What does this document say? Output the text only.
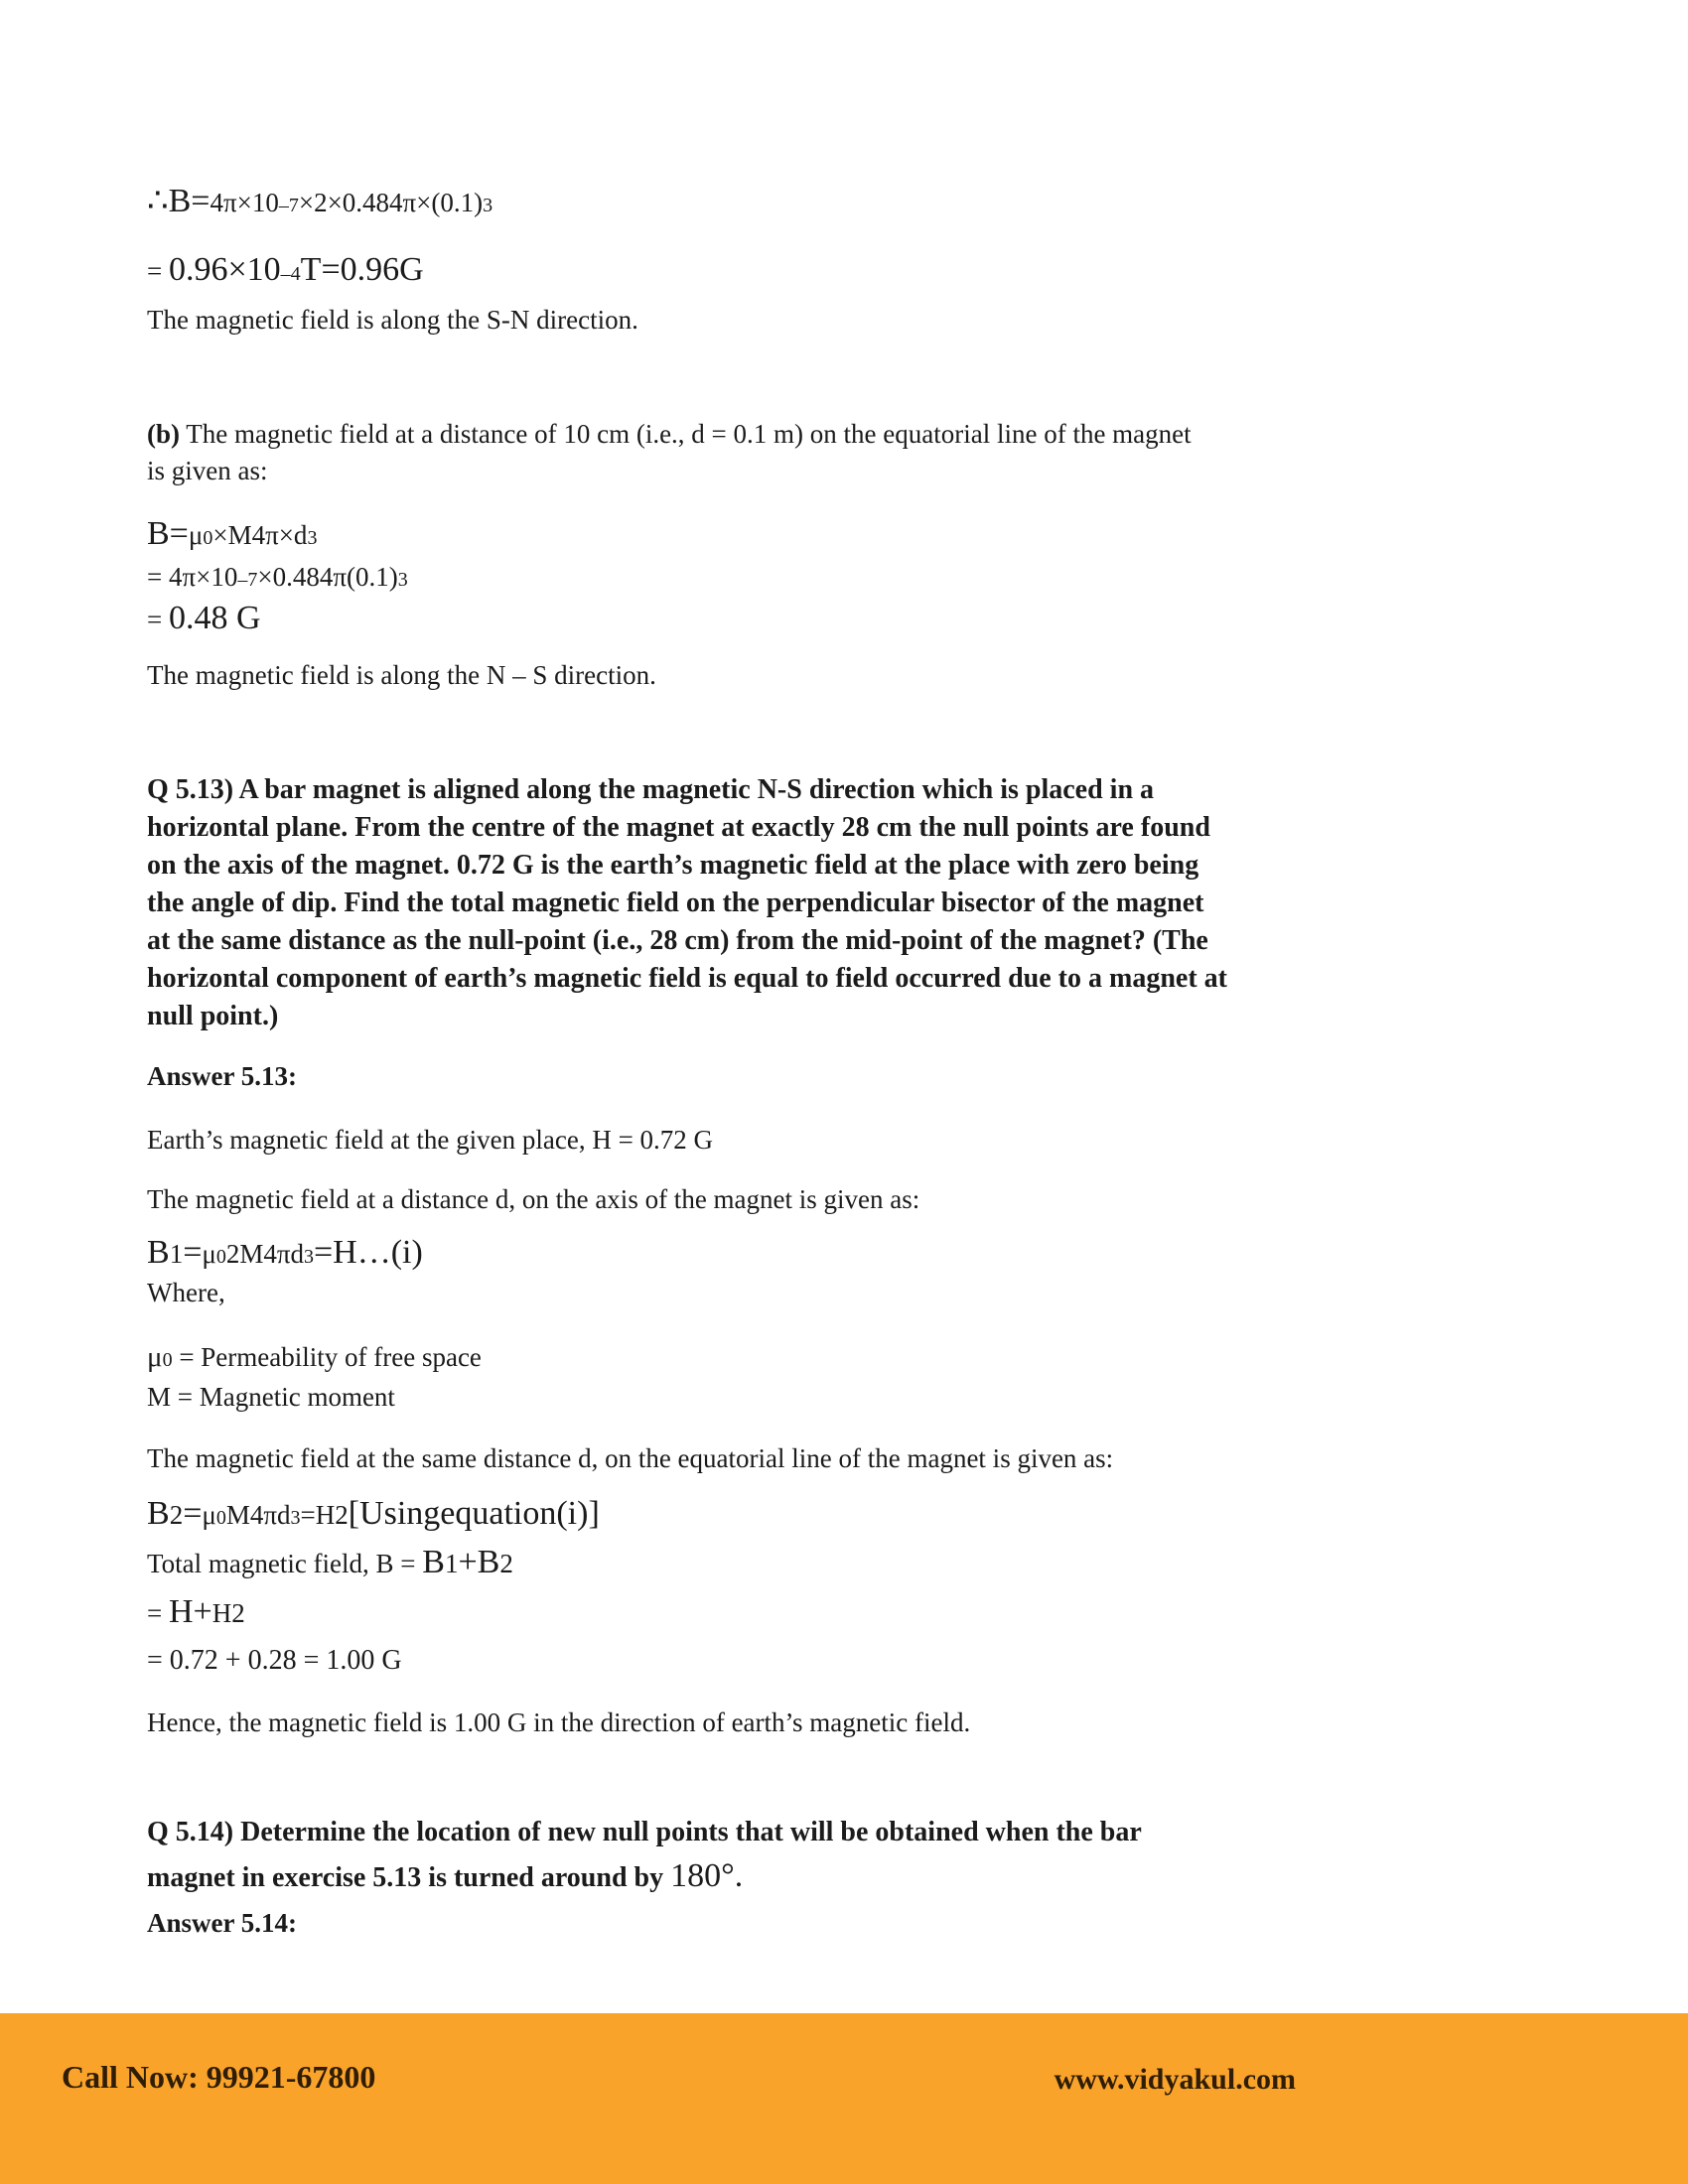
∴B=4π×10–7×2×0.484π×(0.1)3
= 0.96×10–4T=0.96G
The magnetic field is along the S-N direction.
(b) The magnetic field at a distance of 10 cm (i.e., d = 0.1 m) on the equatorial line of the magnet
is given as:
B=μ0×M4π×d3
= 4π×10–7×0.484π(0.1)3
= 0.48 G
The magnetic field is along the N – S direction.
Q 5.13) A bar magnet is aligned along the magnetic N-S direction which is placed in a
horizontal plane. From the centre of the magnet at exactly 28 cm the null points are found
on the axis of the magnet. 0.72 G is the earth’s magnetic field at the place with zero being
the angle of dip. Find the total magnetic field on the perpendicular bisector of the magnet
at the same distance as the null-point (i.e., 28 cm) from the mid-point of the magnet? (The
horizontal component of earth’s magnetic field is equal to field occurred due to a magnet at
null point.)
Answer 5.13:
Earth’s magnetic field at the given place, H = 0.72 G
The magnetic field at a distance d, on the axis of the magnet is given as:
B1=μ02M4πd3=H…(i)
Where,
μ0 = Permeability of free space
M = Magnetic moment
The magnetic field at the same distance d, on the equatorial line of the magnet is given as:
B2=μ0M4πd3=H2[Usingequation(i)]
Total magnetic field, B = B1+B2
= H+H2
= 0.72 + 0.28 = 1.00 G
Hence, the magnetic field is 1.00 G in the direction of earth’s magnetic field.
Q 5.14) Determine the location of new null points that will be obtained when the bar
magnet in exercise 5.13 is turned around by 180°.
Answer 5.14:
Call Now: 99921-67800	www.vidyakul.com
